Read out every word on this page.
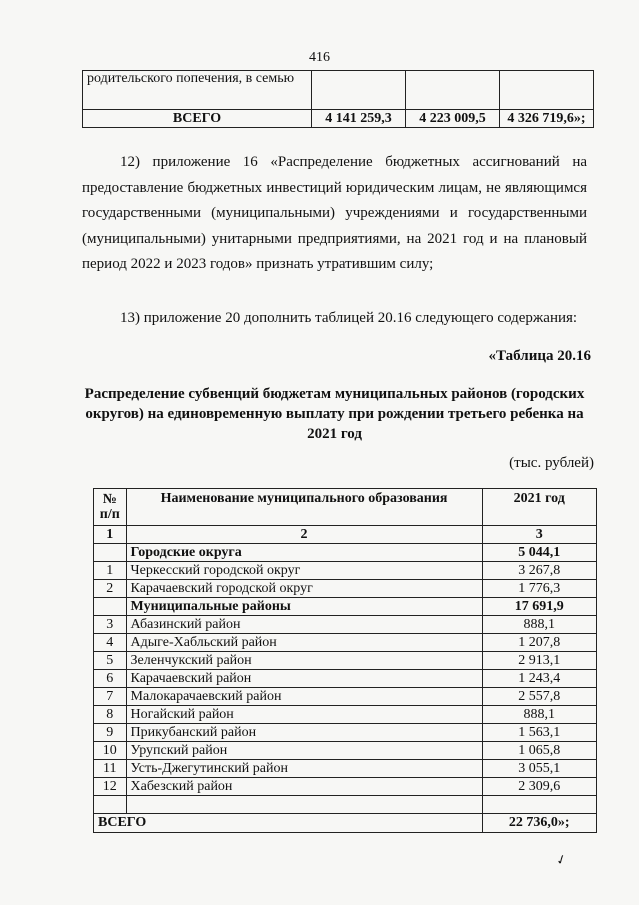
416
родительского попечения, в семью			
ВСЕГО	4 141 259,3	4 223 009,5	4 326 719,6»;
12) приложение 16 «Распределение бюджетных ассигнований на предоставление бюджетных инвестиций юридическим лицам, не являющимся государственными (муниципальными) учреждениями и государственными (муниципальными) унитарными предприятиями, на 2021 год и на плановый период 2022 и 2023 годов» признать утратившим силу;
13) приложение 20 дополнить таблицей 20.16 следующего содержания:
«Таблица 20.16
Распределение субвенций бюджетам муниципальных районов (городских округов) на единовременную выплату при рождении третьего ребенка на 2021 год
(тыс. рублей)
№ п/п	Наименование муниципального образования	2021 год
1	2	3
	Городские округа	5 044,1
1	Черкесский городской округ	3 267,8
2	Карачаевский городской округ	1 776,3
	Муниципальные районы	17 691,9
3	Абазинский район	888,1
4	Адыге-Хабльский район	1 207,8
5	Зеленчукский район	2 913,1
6	Карачаевский район	1 243,4
7	Малокарачаевский район	2 557,8
8	Ногайский район	888,1
9	Прикубанский район	1 563,1
10	Урупский район	1 065,8
11	Усть-Джегутинский район	3 055,1
12	Хабезский район	2 309,6

ВСЕГО		22 736,0»;
✓
